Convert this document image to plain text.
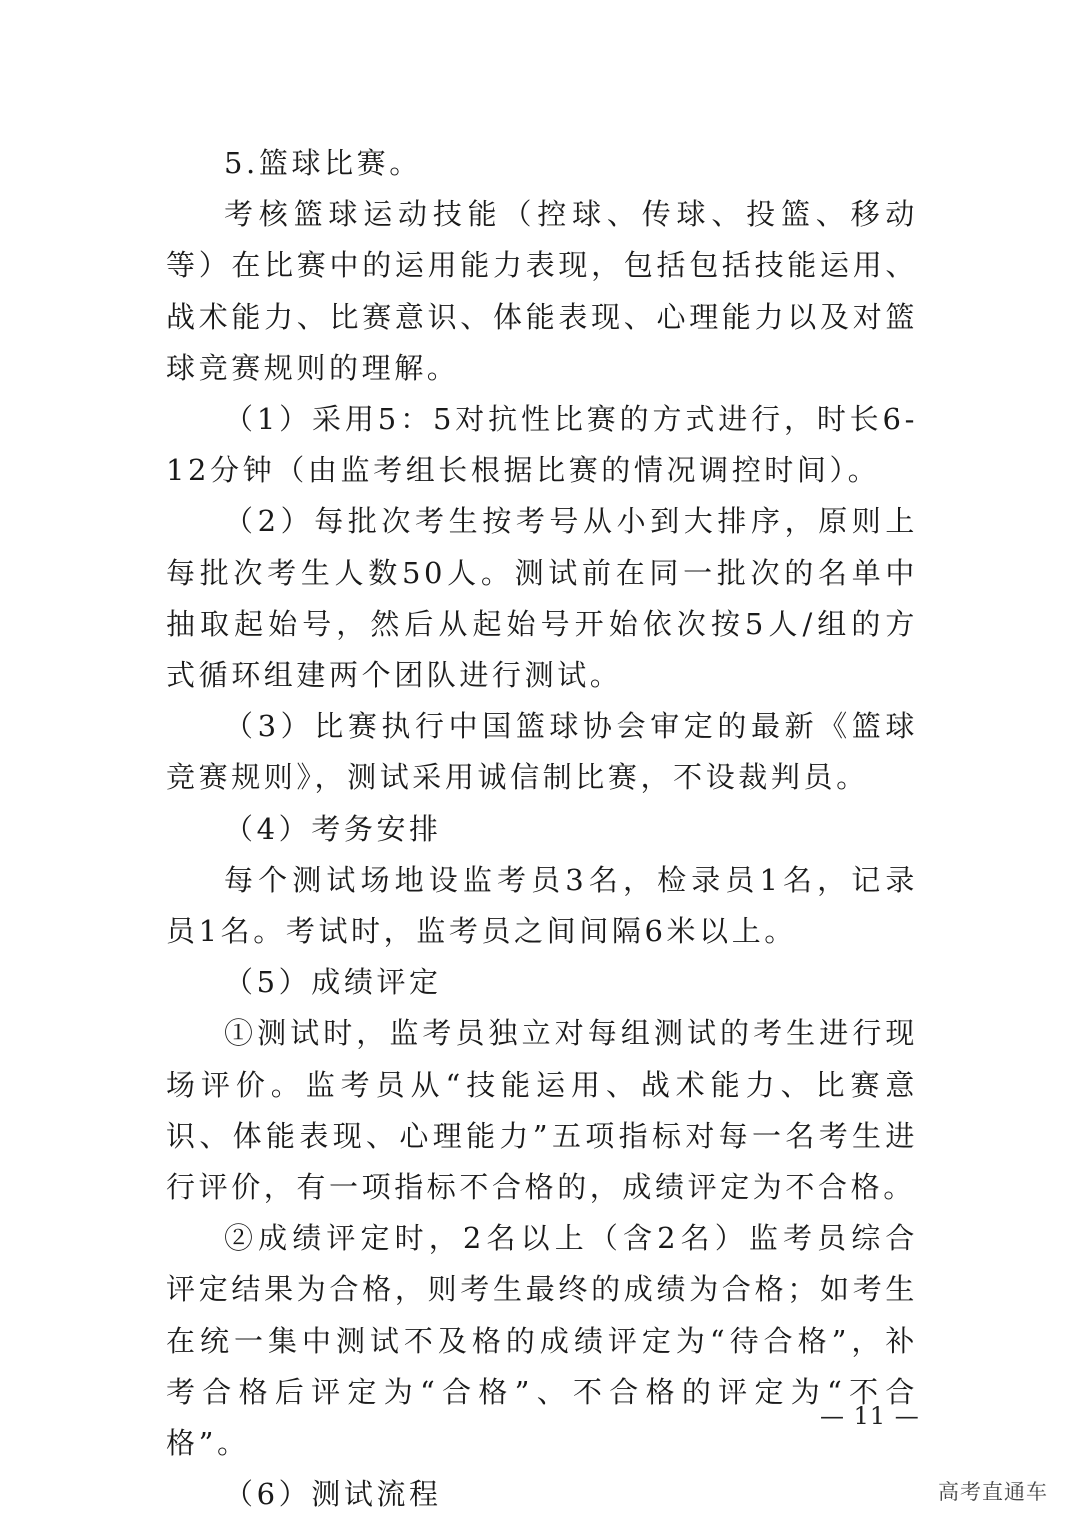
5.篮球比赛。

考核篮球运动技能（控球、传球、投篮、移动等）在比赛中的运用能力表现，包括包括技能运用、战术能力、比赛意识、体能表现、心理能力以及对篮球竞赛规则的理解。

（1）采用5：5对抗性比赛的方式进行，时长6-12分钟（由监考组长根据比赛的情况调控时间）。

（2）每批次考生按考号从小到大排序，原则上每批次考生人数50人。测试前在同一批次的名单中抽取起始号，然后从起始号开始依次按5人/组的方式循环组建两个团队进行测试。

（3）比赛执行中国篮球协会审定的最新《篮球竞赛规则》，测试采用诚信制比赛，不设裁判员。

（4）考务安排

每个测试场地设监考员3名，检录员1名，记录员1名。考试时，监考员之间间隔6米以上。

（5）成绩评定

①测试时，监考员独立对每组测试的考生进行现场评价。监考员从“技能运用、战术能力、比赛意识、体能表现、心理能力”五项指标对每一名考生进行评价，有一项指标不合格的，成绩评定为不合格。

②成绩评定时，2名以上（含2名）监考员综合评定结果为合格，则考生最终的成绩为合格；如考生在统一集中测试不及格的成绩评定为“待合格”，补考合格后评定为“合格”、不合格的评定为“不合格”。

（6）测试流程

— 11 —
高考直通车
